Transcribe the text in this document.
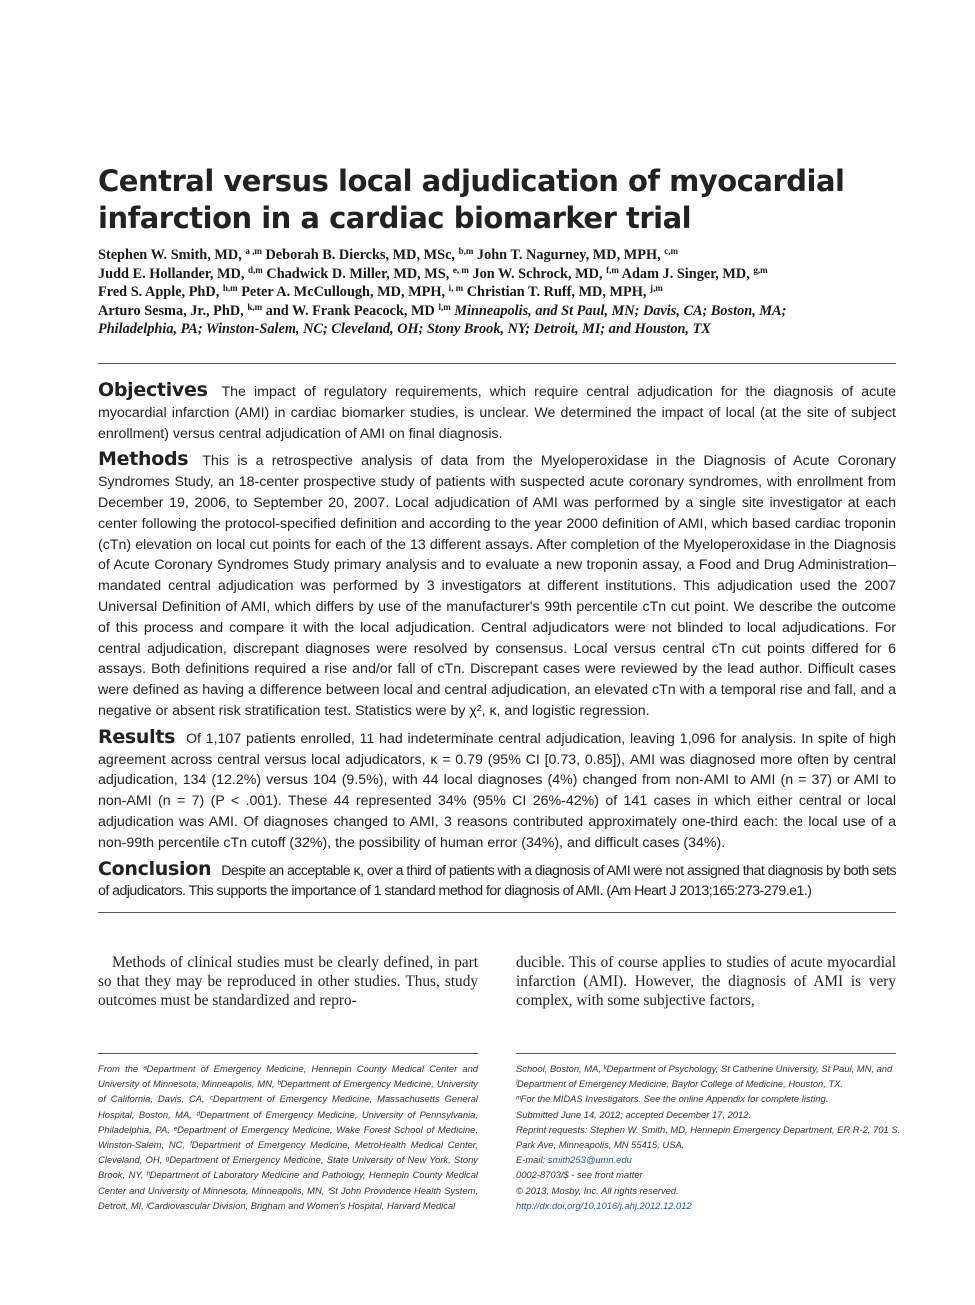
Central versus local adjudication of myocardial infarction in a cardiac biomarker trial
Stephen W. Smith, MD, $^{a ,m}$ Deborah B. Diercks, MD, MSc, $^{b,m}$ John T. Nagurney, MD, MPH, $^{c,m}$
Judd E. Hollander, MD, $^{d,m}$ Chadwick D. Miller, MD, MS, $^{e, m}$ Jon W. Schrock, MD, $^{f,m}$ Adam J. Singer, MD, $^{g,m}$
Fred S. Apple, PhD, $^{h,m}$ Peter A. McCullough, MD, MPH, $^{i, m}$ Christian T. Ruff, MD, MPH, $^{j,m}$
Arturo Sesma, Jr., PhD, $^{k,m}$ and W. Frank Peacock, MD $^{l,m}$ Minneapolis, and St Paul, MN; Davis, CA; Boston, MA;
Philadelphia, PA; Winston-Salem, NC; Cleveland, OH; Stony Brook, NY; Detroit, MI; and Houston, TX

Objectives The impact of regulatory requirements, which require central adjudication for the diagnosis of acute myocardial infarction (AMI) in cardiac biomarker studies, is unclear. We determined the impact of local (at the site of subject enrollment) versus central adjudication of AMI on final diagnosis.

Methods This is a retrospective analysis of data from the Myeloperoxidase in the Diagnosis of Acute Coronary Syndromes Study, an 18-center prospective study of patients with suspected acute coronary syndromes, with enrollment from December 19, 2006, to September 20, 2007. Local adjudication of AMI was performed by a single site investigator at each center following the protocol-specified definition and according to the year 2000 definition of AMI, which based cardiac troponin (cTn) elevation on local cut points for each of the 13 different assays. After completion of the Myeloperoxidase in the Diagnosis of Acute Coronary Syndromes Study primary analysis and to evaluate a new troponin assay, a Food and Drug Administration–mandated central adjudication was performed by 3 investigators at different institutions. This adjudication used the 2007 Universal Definition of AMI, which differs by use of the manufacturer's 99th percentile cTn cut point. We describe the outcome of this process and compare it with the local adjudication. Central adjudicators were not blinded to local adjudications. For central adjudication, discrepant diagnoses were resolved by consensus. Local versus central cTn cut points differed for 6 assays. Both definitions required a rise and/or fall of cTn. Discrepant cases were reviewed by the lead author. Difficult cases were defined as having a difference between local and central adjudication, an elevated cTn with a temporal rise and fall, and a negative or absent risk stratification test. Statistics were by χ², κ, and logistic regression.

Results Of 1,107 patients enrolled, 11 had indeterminate central adjudication, leaving 1,096 for analysis. In spite of high agreement across central versus local adjudicators, κ = 0.79 (95% CI [0.73, 0.85]), AMI was diagnosed more often by central adjudication, 134 (12.2%) versus 104 (9.5%), with 44 local diagnoses (4%) changed from non-AMI to AMI (n = 37) or AMI to non-AMI (n = 7) (P < .001). These 44 represented 34% (95% CI 26%-42%) of 141 cases in which either central or local adjudication was AMI. Of diagnoses changed to AMI, 3 reasons contributed approximately one-third each: the local use of a non-99th percentile cTn cutoff (32%), the possibility of human error (34%), and difficult cases (34%).

Conclusion Despite an acceptable κ, over a third of patients with a diagnosis of AMI were not assigned that diagnosis by both sets of adjudicators. This supports the importance of 1 standard method for diagnosis of AMI. (Am Heart J 2013;165:273-279.e1.)

Methods of clinical studies must be clearly defined, in part so that they may be reproduced in other studies. Thus, study outcomes must be standardized and repro-
ducible. This of course applies to studies of acute myocardial infarction (AMI). However, the diagnosis of AMI is very complex, with some subjective factors,
From the ᵃDepartment of Emergency Medicine, Hennepin County Medical Center and University of Minnesota, Minneapolis, MN, ᵇDepartment of Emergency Medicine, University of California, Davis, CA, ᶜDepartment of Emergency Medicine, Massachusetts General Hospital, Boston, MA, ᵈDepartment of Emergency Medicine, University of Pennsylvania, Philadelphia, PA, ᵉDepartment of Emergency Medicine, Wake Forest School of Medicine, Winston-Salem, NC, ᶠDepartment of Emergency Medicine, MetroHealth Medical Center, Cleveland, OH, ᵍDepartment of Emergency Medicine, State University of New York, Stony Brook, NY, ʰDepartment of Laboratory Medicine and Pathology, Hennepin County Medical Center and University of Minnesota, Minneapolis, MN, ⁱSt John Providence Health System, Detroit, MI, ʲCardiovascular Division, Brigham and Women's Hospital, Harvard Medical
School, Boston, MA, ᵏDepartment of Psychology, St Catherine University, St Paul, MN, and
ˡDepartment of Emergency Medicine, Baylor College of Medicine, Houston, TX.
ᵐFor the MIDAS Investigators. See the online Appendix for complete listing.
Submitted June 14, 2012; accepted December 17, 2012.
Reprint requests: Stephen W. Smith, MD, Hennepin Emergency Department, ER R-2, 701 S.
Park Ave, Minneapolis, MN 55415, USA.
E-mail: smith253@umn.edu
0002-8703/$ - see front matter
© 2013, Mosby, Inc. All rights reserved.
http://dx.doi.org/10.1016/j.ahj.2012.12.012
